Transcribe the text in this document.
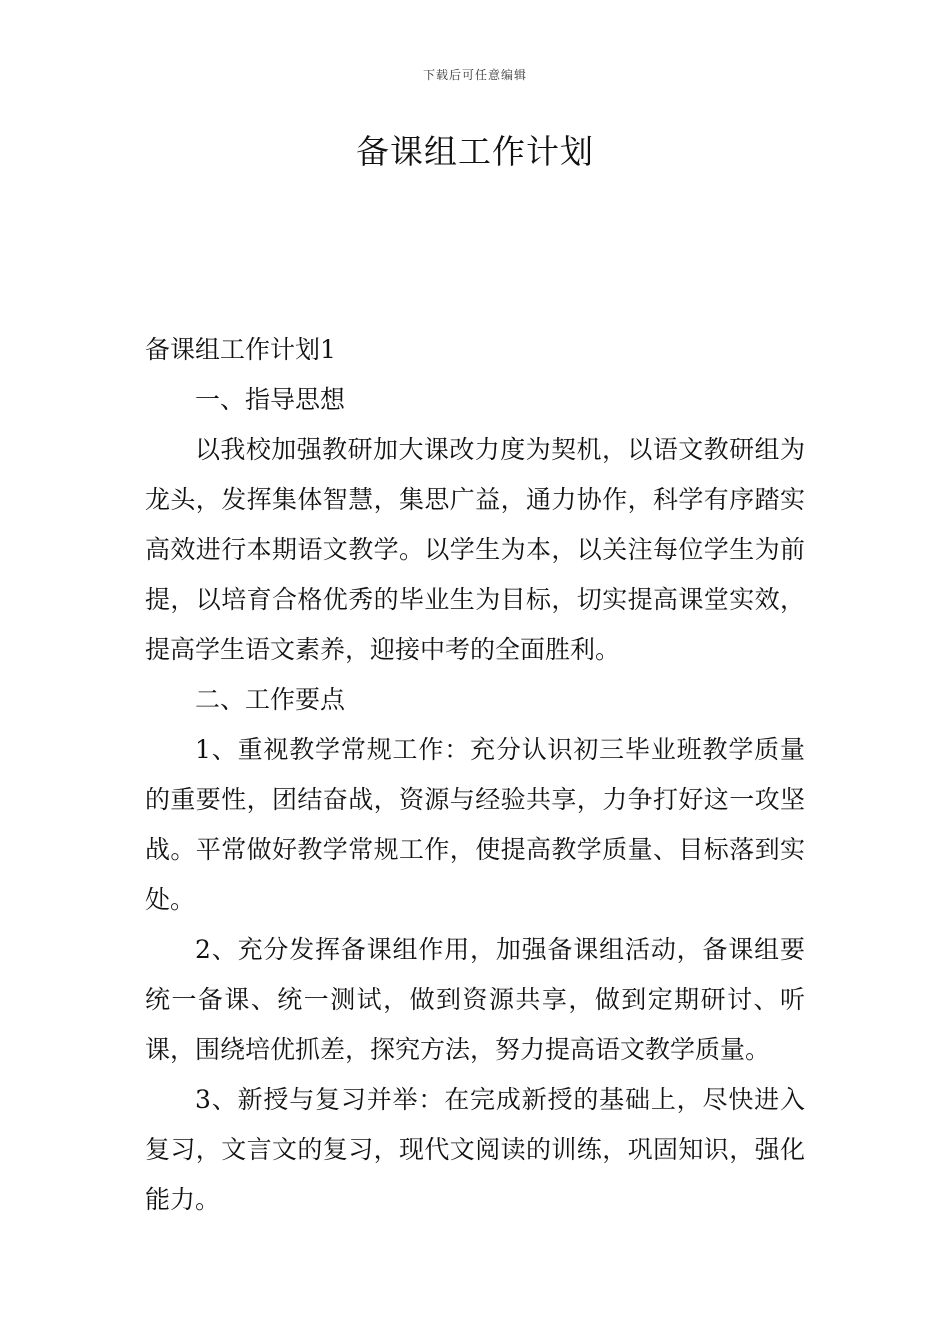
下载后可任意编辑
备课组工作计划

备课组工作计划1

一、指导思想

以我校加强教研加大课改力度为契机，以语文教研组为龙头，发挥集体智慧，集思广益，通力协作，科学有序踏实高效进行本期语文教学。以学生为本，以关注每位学生为前提，以培育合格优秀的毕业生为目标，切实提高课堂实效，提高学生语文素养，迎接中考的全面胜利。

二、工作要点

1、重视教学常规工作：充分认识初三毕业班教学质量的重要性，团结奋战，资源与经验共享，力争打好这一攻坚战。平常做好教学常规工作，使提高教学质量、目标落到实处。

2、充分发挥备课组作用，加强备课组活动，备课组要统一备课、统一测试，做到资源共享，做到定期研讨、听课，围绕培优抓差，探究方法，努力提高语文教学质量。

3、新授与复习并举：在完成新授的基础上，尽快进入复习，文言文的复习，现代文阅读的训练，巩固知识，强化能力。
